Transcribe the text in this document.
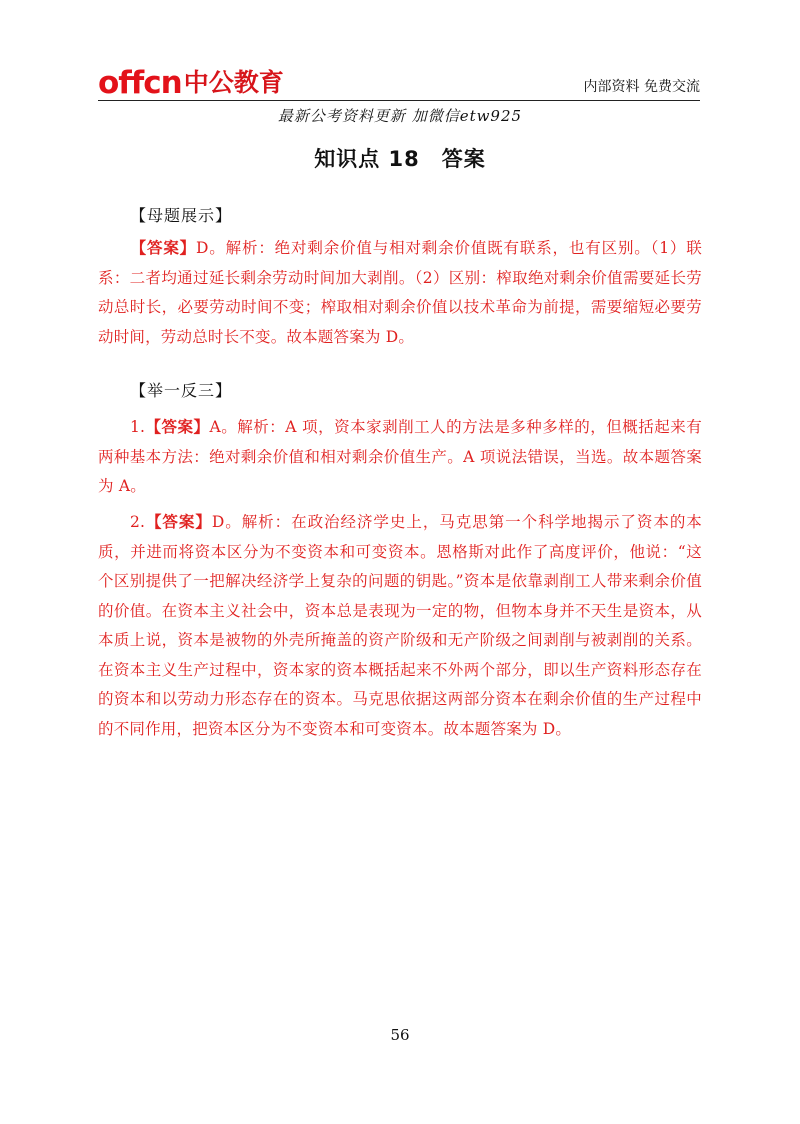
offcn 中公教育	内部资料 免费交流
最新公考资料更新 加微信etw925
知识点 18　答案
【母题展示】
【答案】D。解析：绝对剩余价值与相对剩余价值既有联系，也有区别。（1）联系：二者均通过延长剩余劳动时间加大剥削。（2）区别：榨取绝对剩余价值需要延长劳动总时长，必要劳动时间不变；榨取相对剩余价值以技术革命为前提，需要缩短必要劳动时间，劳动总时长不变。故本题答案为 D。
【举一反三】
1.【答案】A。解析：A 项，资本家剥削工人的方法是多种多样的，但概括起来有两种基本方法：绝对剩余价值和相对剩余价值生产。A 项说法错误，当选。故本题答案为 A。
2.【答案】D。解析：在政治经济学史上，马克思第一个科学地揭示了资本的本质，并进而将资本区分为不变资本和可变资本。恩格斯对此作了高度评价，他说：“这个区别提供了一把解决经济学上复杂的问题的钥匙。”资本是依靠剥削工人带来剩余价值的价值。在资本主义社会中，资本总是表现为一定的物，但物本身并不天生是资本，从本质上说，资本是被物的外壳所掩盖的资产阶级和无产阶级之间剥削与被剥削的关系。在资本主义生产过程中，资本家的资本概括起来不外两个部分，即以生产资料形态存在的资本和以劳动力形态存在的资本。马克思依据这两部分资本在剩余价值的生产过程中的不同作用，把资本区分为不变资本和可变资本。故本题答案为 D。
56
